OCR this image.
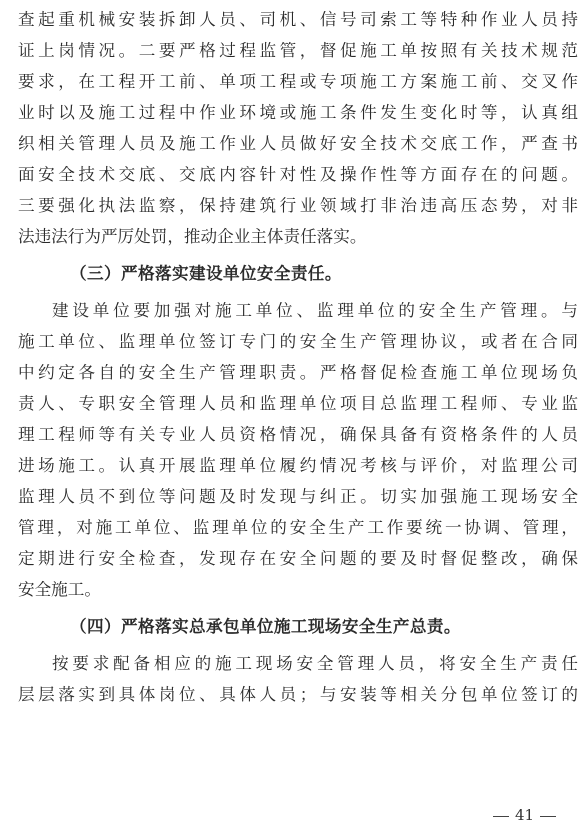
查起重机械安装拆卸人员、司机、信号司索工等特种作业人员持
证上岗情况。二要严格过程监管，督促施工单按照有关技术规范
要求，在工程开工前、单项工程或专项施工方案施工前、交叉作
业时以及施工过程中作业环境或施工条件发生变化时等，认真组
织相关管理人员及施工作业人员做好安全技术交底工作，严查书
面安全技术交底、交底内容针对性及操作性等方面存在的问题。
三要强化执法监察，保持建筑行业领域打非治违高压态势，对非
法违法行为严厉处罚，推动企业主体责任落实。
（三）严格落实建设单位安全责任。
建设单位要加强对施工单位、监理单位的安全生产管理。与
施工单位、监理单位签订专门的安全生产管理协议，或者在合同
中约定各自的安全生产管理职责。严格督促检查施工单位现场负
责人、专职安全管理人员和监理单位项目总监理工程师、专业监
理工程师等有关专业人员资格情况，确保具备有资格条件的人员
进场施工。认真开展监理单位履约情况考核与评价，对监理公司
监理人员不到位等问题及时发现与纠正。切实加强施工现场安全
管理，对施工单位、监理单位的安全生产工作要统一协调、管理，
定期进行安全检查，发现存在安全问题的要及时督促整改，确保
安全施工。
（四）严格落实总承包单位施工现场安全生产总责。
按要求配备相应的施工现场安全管理人员，将安全生产责任
层层落实到具体岗位、具体人员；与安装等相关分包单位签订的
41
